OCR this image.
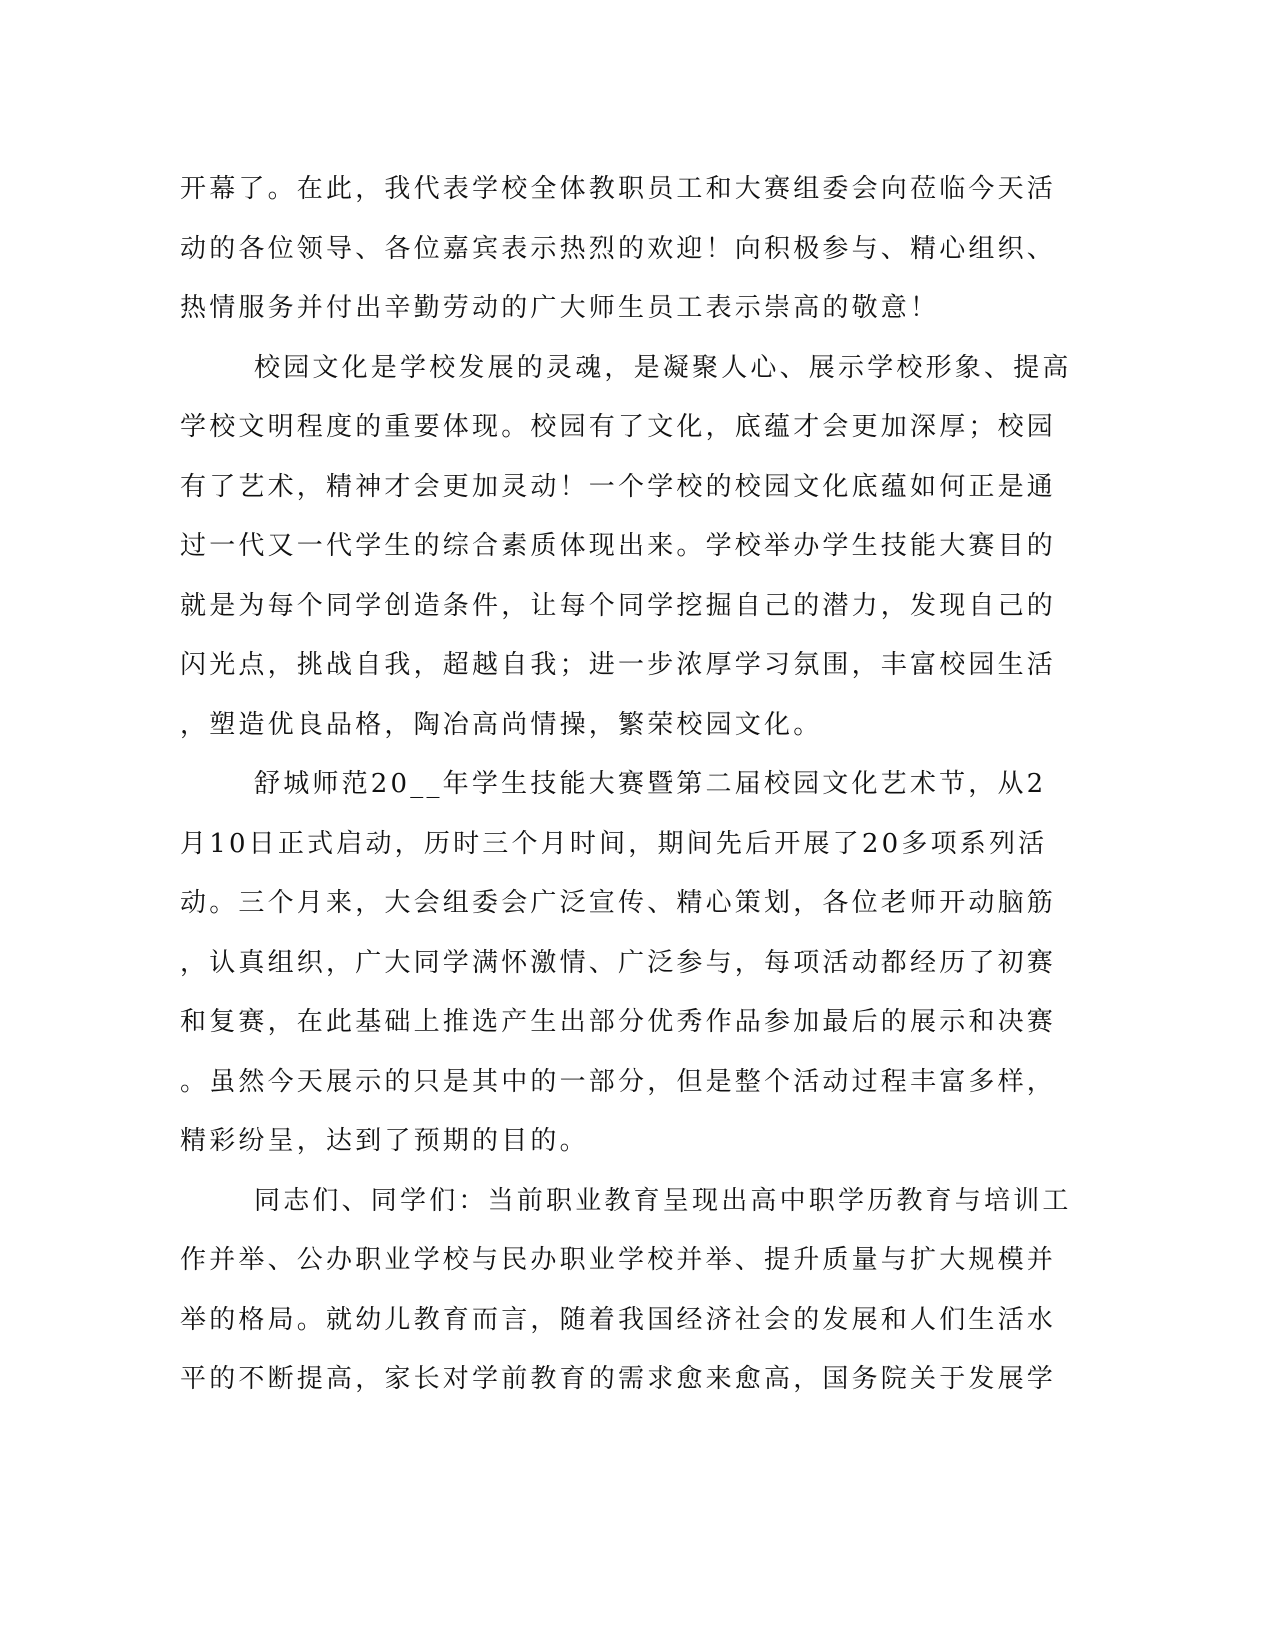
开幕了。在此，我代表学校全体教职员工和大赛组委会向莅临今天活
动的各位领导、各位嘉宾表示热烈的欢迎！向积极参与、精心组织、
热情服务并付出辛勤劳动的广大师生员工表示崇高的敬意！
校园文化是学校发展的灵魂，是凝聚人心、展示学校形象、提高
学校文明程度的重要体现。校园有了文化，底蕴才会更加深厚；校园
有了艺术，精神才会更加灵动！一个学校的校园文化底蕴如何正是通
过一代又一代学生的综合素质体现出来。学校举办学生技能大赛目的
就是为每个同学创造条件，让每个同学挖掘自己的潜力，发现自己的
闪光点，挑战自我，超越自我；进一步浓厚学习氛围，丰富校园生活
，塑造优良品格，陶冶高尚情操，繁荣校园文化。
舒城师范20__年学生技能大赛暨第二届校园文化艺术节，从2
月10日正式启动，历时三个月时间，期间先后开展了20多项系列活
动。三个月来，大会组委会广泛宣传、精心策划，各位老师开动脑筋
，认真组织，广大同学满怀激情、广泛参与，每项活动都经历了初赛
和复赛，在此基础上推选产生出部分优秀作品参加最后的展示和决赛
。虽然今天展示的只是其中的一部分，但是整个活动过程丰富多样，
精彩纷呈，达到了预期的目的。
同志们、同学们：当前职业教育呈现出高中职学历教育与培训工
作并举、公办职业学校与民办职业学校并举、提升质量与扩大规模并
举的格局。就幼儿教育而言，随着我国经济社会的发展和人们生活水
平的不断提高，家长对学前教育的需求愈来愈高，国务院关于发展学
